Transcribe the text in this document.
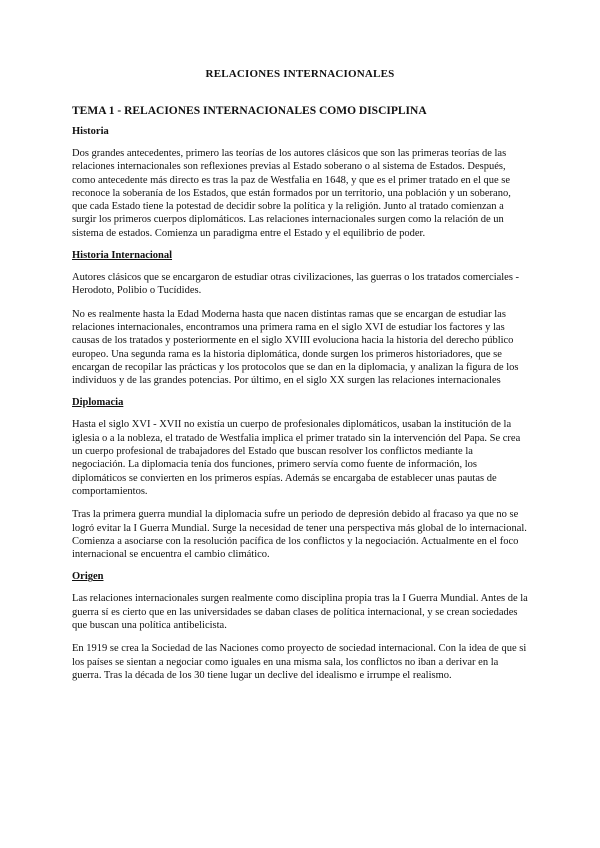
RELACIONES INTERNACIONALES
TEMA 1 - RELACIONES INTERNACIONALES COMO DISCIPLINA
Historia

Dos grandes antecedentes, primero las teorías de los autores clásicos que son las primeras teorías de las relaciones internacionales son reflexiones previas al Estado soberano o al sistema de Estados. Después, como antecedente más directo es tras la paz de Westfalia en 1648, y que es el primer tratado en el que se reconoce la soberanía de los Estados, que están formados por un territorio, una población y un soberano, que cada Estado tiene la potestad de decidir sobre la política y la religión. Junto al tratado comienzan a surgir los primeros cuerpos diplomáticos. Las relaciones internacionales surgen como la relación de un sistema de estados. Comienza un paradigma entre el Estado y el equilibrio de poder.

Historia Internacional

Autores clásicos que se encargaron de estudiar otras civilizaciones, las guerras o los tratados comerciales - Herodoto, Polibio o Tucídides.

No es realmente hasta la Edad Moderna hasta que nacen distintas ramas que se encargan de estudiar las relaciones internacionales, encontramos una primera rama en el siglo XVI de estudiar los factores y las causas de los tratados y posteriormente en el siglo XVIII evoluciona hacia la historia del derecho público europeo. Una segunda rama es la historia diplomática, donde surgen los primeros historiadores, que se encargan de recopilar las prácticas y los protocolos que se dan en la diplomacia, y analizan la figura de los individuos y de las grandes potencias. Por último, en el siglo XX surgen las relaciones internacionales

Diplomacia

Hasta el siglo XVI - XVII no existía un cuerpo de profesionales diplomáticos, usaban la institución de la iglesia o a la nobleza, el tratado de Westfalia implica el primer tratado sin la intervención del Papa. Se crea un cuerpo profesional de trabajadores del Estado que buscan resolver los conflictos mediante la negociación. La diplomacia tenía dos funciones, primero servía como fuente de información, los diplomáticos se convierten en los primeros espías. Además se encargaba de establecer unas pautas de comportamientos.

Tras la primera guerra mundial la diplomacia sufre un periodo de depresión debido al fracaso ya que no se logró evitar la I Guerra Mundial. Surge la necesidad de tener una perspectiva más global de lo internacional. Comienza a asociarse con la resolución pacífica de los conflictos y la negociación. Actualmente en el foco internacional se encuentra el cambio climático.

Origen

Las relaciones internacionales surgen realmente como disciplina propia tras la I Guerra Mundial. Antes de la guerra sí es cierto que en las universidades se daban clases de política internacional, y se crean sociedades que buscan una política antibelicista.

En 1919 se crea la Sociedad de las Naciones como proyecto de sociedad internacional. Con la idea de que si los países se sientan a negociar como iguales en una misma sala, los conflictos no iban a derivar en la guerra. Tras la década de los 30 tiene lugar un declive del idealismo e irrumpe el realismo.
